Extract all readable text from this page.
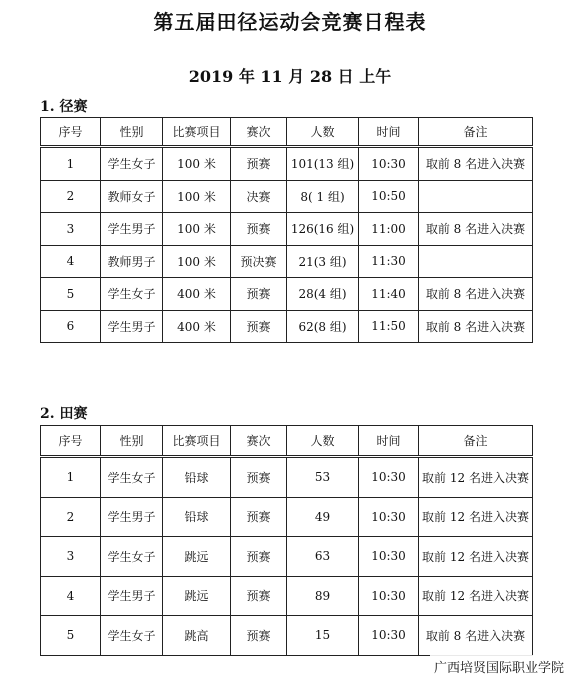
第五届田径运动会竞赛日程表
2019 年 11 月 28 日 上午
1. 径赛
序号	性别	比赛项目	赛次	人数	时间	备注
1	学生女子	100 米	预赛	101(13 组)	10:30	取前 8 名进入决赛
2	教师女子	100 米	决赛	8( 1 组)	10:50	
3	学生男子	100 米	预赛	126(16 组)	11:00	取前 8 名进入决赛
4	教师男子	100 米	预决赛	21(3 组)	11:30	
5	学生女子	400 米	预赛	28(4 组)	11:40	取前 8 名进入决赛
6	学生男子	400 米	预赛	62(8 组)	11:50	取前 8 名进入决赛
2. 田赛
序号	性别	比赛项目	赛次	人数	时间	备注
1	学生女子	铅球	预赛	53	10:30	取前 12 名进入决赛
2	学生男子	铅球	预赛	49	10:30	取前 12 名进入决赛
3	学生女子	跳远	预赛	63	10:30	取前 12 名进入决赛
4	学生男子	跳远	预赛	89	10:30	取前 12 名进入决赛
5	学生女子	跳高	预赛	15	10:30	取前 8 名进入决赛
广西培贤国际职业学院
